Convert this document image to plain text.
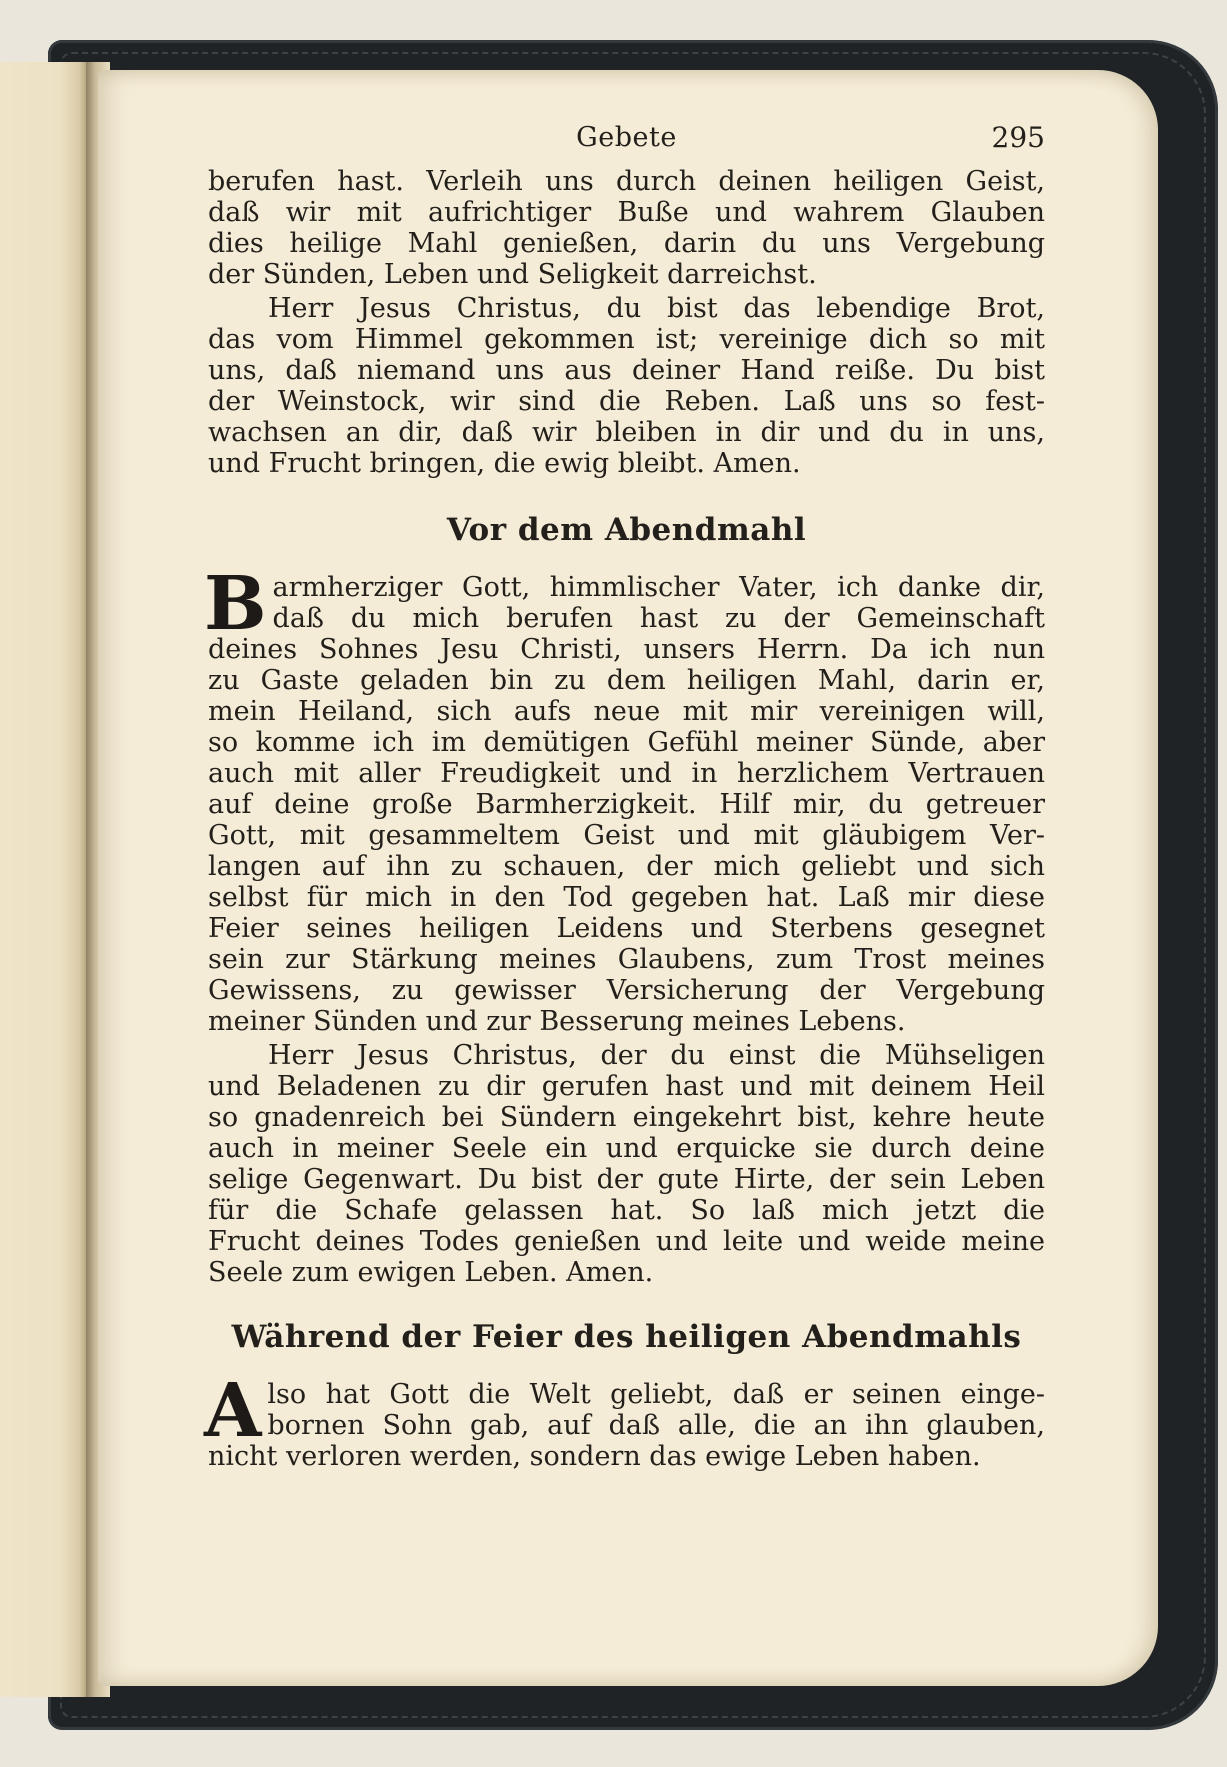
Gebete	295

berufen hast. Verleih uns durch deinen heiligen Geist,

daß wir mit aufrichtiger Buße und wahrem Glauben

dies heilige Mahl genießen, darin du uns Vergebung

der Sünden, Leben und Seligkeit darreichst.

Herr Jesus Christus, du bist das lebendige Brot,

das vom Himmel gekommen ist; vereinige dich so mit

uns, daß niemand uns aus deiner Hand reiße. Du bist

der Weinstock, wir sind die Reben. Laß uns so fest-

wachsen an dir, daß wir bleiben in dir und du in uns,

und Frucht bringen, die ewig bleibt. Amen.

Vor dem Abendmahl
B armherziger Gott, himmlischer Vater, ich danke dir,

daß du mich berufen hast zu der Gemeinschaft

deines Sohnes Jesu Christi, unsers Herrn. Da ich nun

zu Gaste geladen bin zu dem heiligen Mahl, darin er,

mein Heiland, sich aufs neue mit mir vereinigen will,

so komme ich im demütigen Gefühl meiner Sünde, aber

auch mit aller Freudigkeit und in herzlichem Vertrauen

auf deine große Barmherzigkeit. Hilf mir, du getreuer

Gott, mit gesammeltem Geist und mit gläubigem Ver-

langen auf ihn zu schauen, der mich geliebt und sich

selbst für mich in den Tod gegeben hat. Laß mir diese

Feier seines heiligen Leidens und Sterbens gesegnet

sein zur Stärkung meines Glaubens, zum Trost meines

Gewissens, zu gewisser Versicherung der Vergebung

meiner Sünden und zur Besserung meines Lebens.

Herr Jesus Christus, der du einst die Mühseligen

und Beladenen zu dir gerufen hast und mit deinem Heil

so gnadenreich bei Sündern eingekehrt bist, kehre heute

auch in meiner Seele ein und erquicke sie durch deine

selige Gegenwart. Du bist der gute Hirte, der sein Leben

für die Schafe gelassen hat. So laß mich jetzt die

Frucht deines Todes genießen und leite und weide meine

Seele zum ewigen Leben. Amen.

Während der Feier des heiligen Abendmahls
A lso hat Gott die Welt geliebt, daß er seinen einge-

bornen Sohn gab, auf daß alle, die an ihn glauben,

nicht verloren werden, sondern das ewige Leben haben.
